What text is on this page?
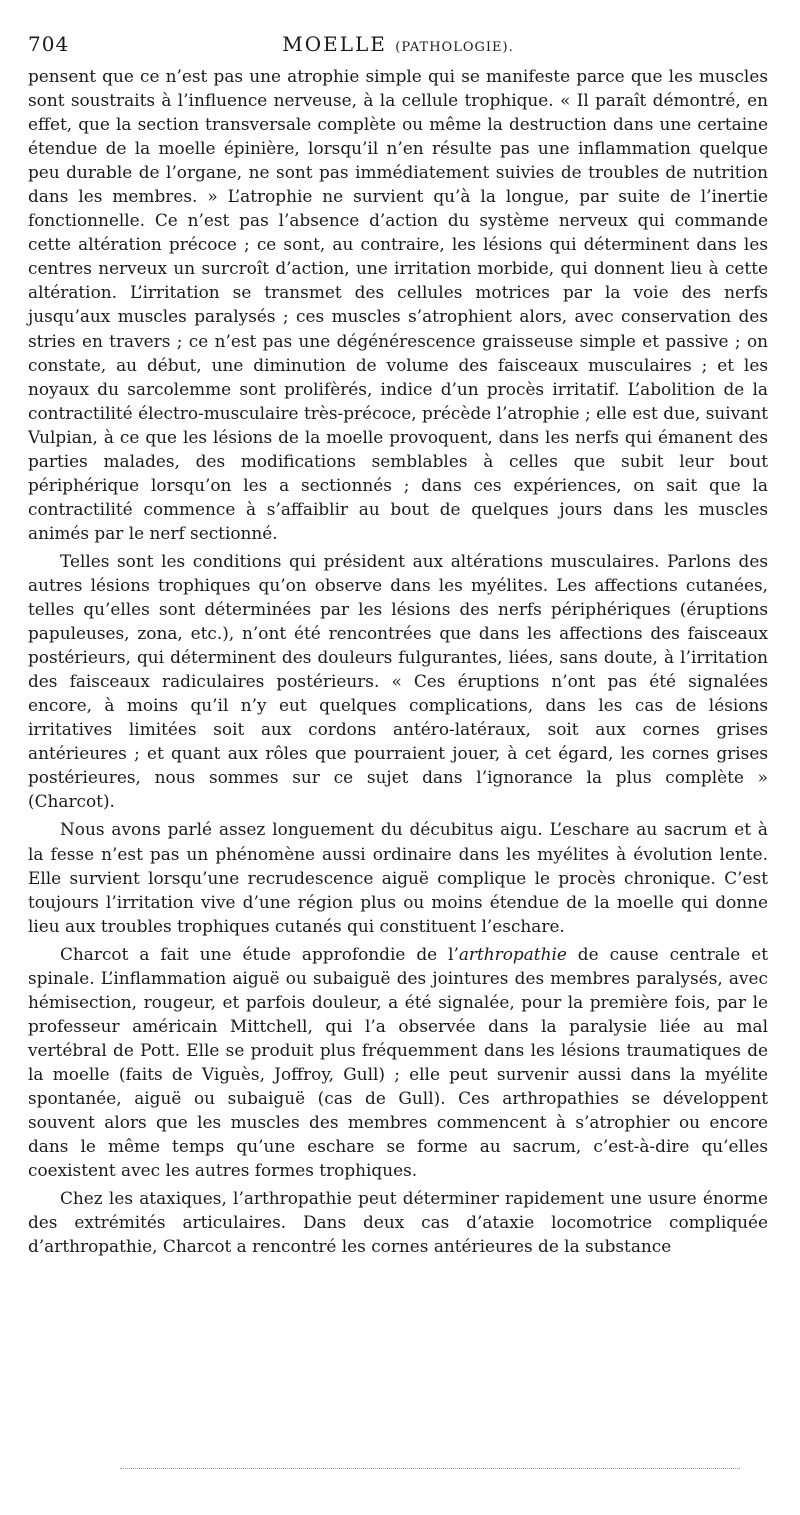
704	MOELLE (PATHOLOGIE).

pensent que ce n’est pas une atrophie simple qui se manifeste parce que les muscles sont soustraits à l’influence nerveuse, à la cellule trophique. « Il paraît démontré, en effet, que la section transversale complète ou même la destruction dans une certaine étendue de la moelle épinière, lorsqu’il n’en résulte pas une inflammation quelque peu durable de l’organe, ne sont pas immédiatement suivies de troubles de nutrition dans les membres. » L’atrophie ne survient qu’à la longue, par suite de l’inertie fonctionnelle. Ce n’est pas l’absence d’action du système nerveux qui commande cette altération précoce ; ce sont, au contraire, les lésions qui déterminent dans les centres nerveux un surcroît d’action, une irritation morbide, qui donnent lieu à cette altération. L’irritation se transmet des cellules motrices par la voie des nerfs jusqu’aux muscles paralysés ; ces muscles s’atrophient alors, avec conservation des stries en travers ; ce n’est pas une dégénérescence graisseuse simple et passive ; on constate, au début, une diminution de volume des faisceaux musculaires ; et les noyaux du sarcolemme sont prolifèrés, indice d’un procès irritatif. L’abolition de la contractilité électro-musculaire très-précoce, précède l’atrophie ; elle est due, suivant Vulpian, à ce que les lésions de la moelle provoquent, dans les nerfs qui émanent des parties malades, des modifications semblables à celles que subit leur bout périphérique lorsqu’on les a sectionnés ; dans ces expériences, on sait que la contractilité commence à s’affaiblir au bout de quelques jours dans les muscles animés par le nerf sectionné.

Telles sont les conditions qui président aux altérations musculaires. Parlons des autres lésions trophiques qu’on observe dans les myélites. Les affections cutanées, telles qu’elles sont déterminées par les lésions des nerfs périphériques (éruptions papuleuses, zona, etc.), n’ont été rencontrées que dans les affections des faisceaux postérieurs, qui déterminent des douleurs fulgurantes, liées, sans doute, à l’irritation des faisceaux radiculaires postérieurs. « Ces éruptions n’ont pas été signalées encore, à moins qu’il n’y eut quelques complications, dans les cas de lésions irritatives limitées soit aux cordons antéro-latéraux, soit aux cornes grises antérieures ; et quant aux rôles que pourraient jouer, à cet égard, les cornes grises postérieures, nous sommes sur ce sujet dans l’ignorance la plus complète » (Charcot).

Nous avons parlé assez longuement du décubitus aigu. L’eschare au sacrum et à la fesse n’est pas un phénomène aussi ordinaire dans les myélites à évolution lente. Elle survient lorsqu’une recrudescence aiguë complique le procès chronique. C’est toujours l’irritation vive d’une région plus ou moins étendue de la moelle qui donne lieu aux troubles trophiques cutanés qui constituent l’eschare.

Charcot a fait une étude approfondie de l’arthropathie de cause centrale et spinale. L’inflammation aiguë ou subaiguë des jointures des membres paralysés, avec hémisection, rougeur, et parfois douleur, a été signalée, pour la première fois, par le professeur américain Mittchell, qui l’a observée dans la paralysie liée au mal vertébral de Pott. Elle se produit plus fréquemment dans les lésions traumatiques de la moelle (faits de Viguès, Joffroy, Gull) ; elle peut survenir aussi dans la myélite spontanée, aiguë ou subaiguë (cas de Gull). Ces arthropathies se développent souvent alors que les muscles des membres commencent à s’atrophier ou encore dans le même temps qu’une eschare se forme au sacrum, c’est-à-dire qu’elles coexistent avec les autres formes trophiques.

Chez les ataxiques, l’arthropathie peut déterminer rapidement une usure énorme des extrémités articulaires. Dans deux cas d’ataxie locomotrice compliquée d’arthropathie, Charcot a rencontré les cornes antérieures de la substance
